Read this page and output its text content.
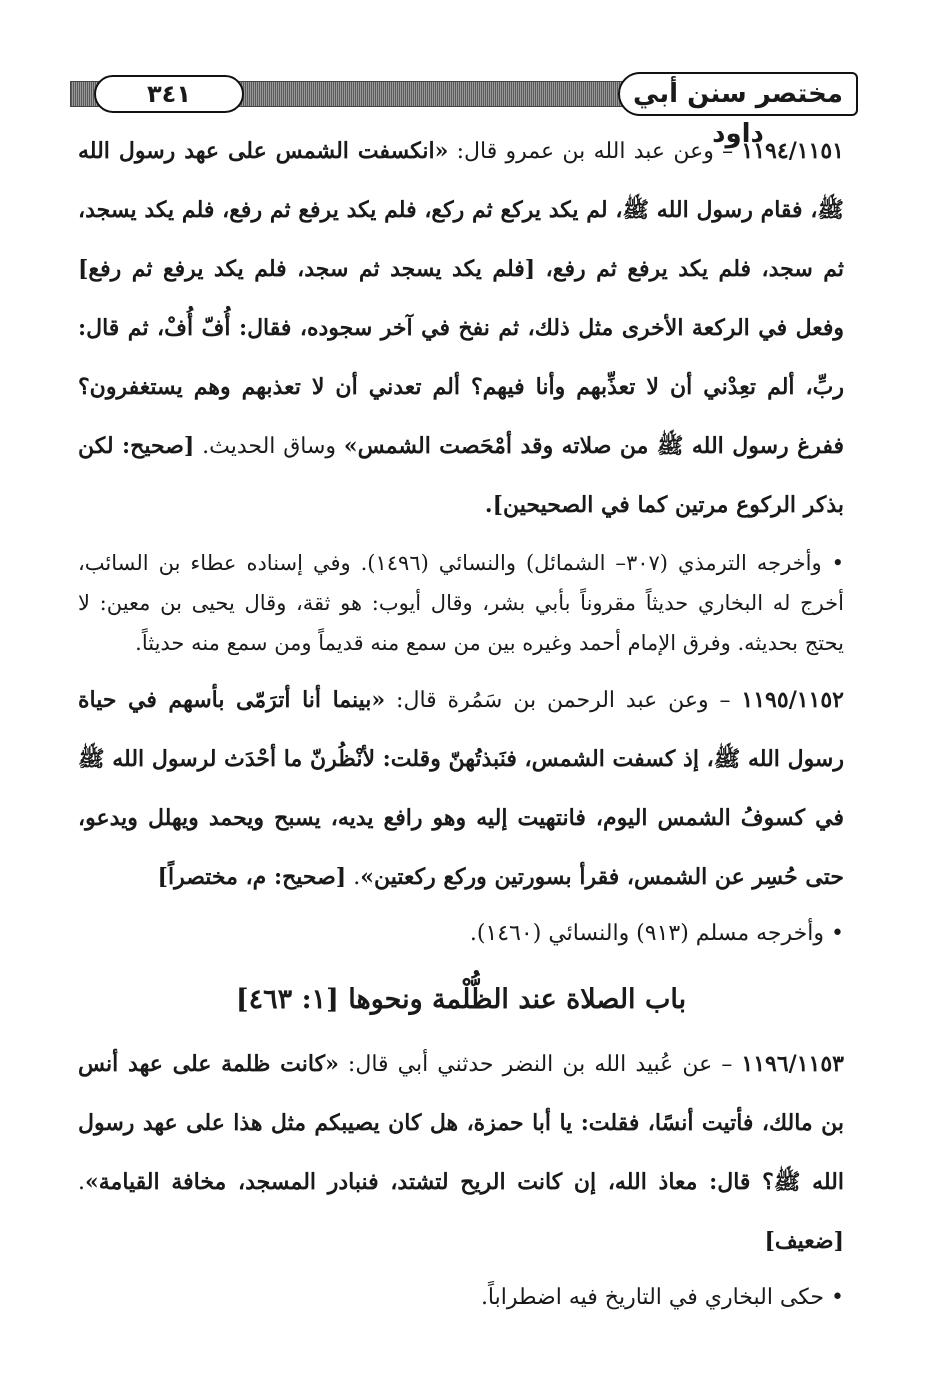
٣٤١	مختصر سنن أبي داود

١١٩٤/١١٥١ – وعن عبد الله بن عمرو قال: «انكسفت الشمس على عهد رسول الله ﷺ، فقام رسول الله ﷺ، لم يكد يركع ثم ركع، فلم يكد يرفع ثم رفع، فلم يكد يسجد، ثم سجد، فلم يكد يرفع ثم رفع، [فلم يكد يسجد ثم سجد، فلم يكد يرفع ثم رفع] وفعل في الركعة الأخرى مثل ذلك، ثم نفخ في آخر سجوده، فقال: أُفّ أُفْ، ثم قال: ربِّ، ألم تعِدْني أن لا تعذِّبهم وأنا فيهم؟ ألم تعدني أن لا تعذبهم وهم يستغفرون؟ ففرغ رسول الله ﷺ من صلاته وقد أمْحَصت الشمس» وساق الحديث. [صحيح: لكن بذكر الركوع مرتين كما في الصحيحين].

• وأخرجه الترمذي (٣٠٧– الشمائل) والنسائي (١٤٩٦). وفي إسناده عطاء بن السائب، أخرج له البخاري حديثاً مقروناً بأبي بشر، وقال أيوب: هو ثقة، وقال يحيى بن معين: لا يحتج بحديثه. وفرق الإمام أحمد وغيره بين من سمع منه قديماً ومن سمع منه حديثاً.

١١٩٥/١١٥٢ – وعن عبد الرحمن بن سَمُرة قال: «بينما أنا أترَمّى بأسهم في حياة رسول الله ﷺ، إذ كسفت الشمس، فنَبذتُهنّ وقلت: لأنْظُرنّ ما أحْدَث لرسول الله ﷺ في كسوفُ الشمس اليوم، فانتهيت إليه وهو رافع يديه، يسبح ويحمد ويهلل ويدعو، حتى حُسِر عن الشمس، فقرأ بسورتين وركع ركعتين». [صحيح: م، مختصراً]

• وأخرجه مسلم (٩١٣) والنسائي (١٤٦٠).

باب الصلاة عند الظُّلْمة ونحوها [١: ٤٦٣]

١١٩٦/١١٥٣ – عن عُبيد الله بن النضر حدثني أبي قال: «كانت ظلمة على عهد أنس بن مالك، فأتيت أنسًا، فقلت: يا أبا حمزة، هل كان يصيبكم مثل هذا على عهد رسول الله ﷺ؟ قال: معاذ الله، إن كانت الريح لتشتد، فنبادر المسجد، مخافة القيامة». [ضعيف]

• حكى البخاري في التاريخ فيه اضطراباً.
